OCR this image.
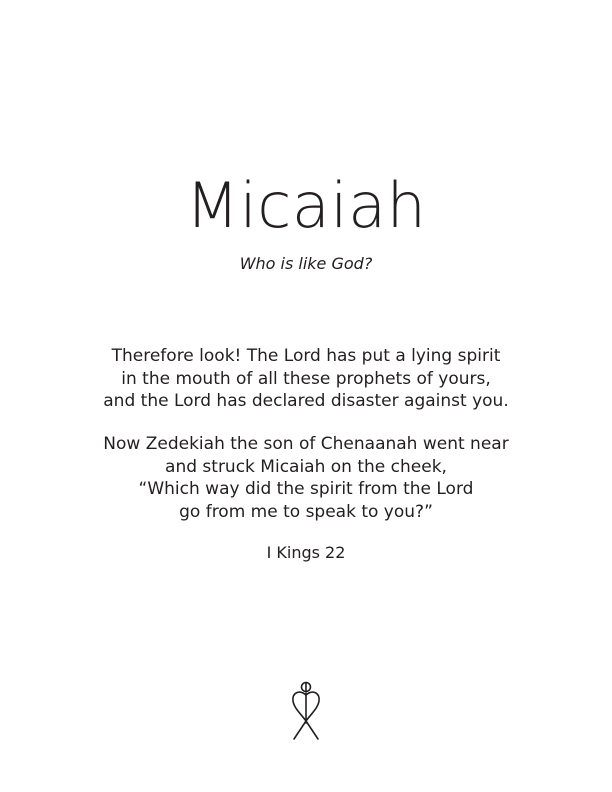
Micaiah

Who is like God?

Therefore look! The Lord has put a lying spirit
in the mouth of all these prophets of yours,
and the Lord has declared disaster against you.

Now Zedekiah the son of Chenaanah went near
and struck Micaiah on the cheek,
“Which way did the spirit from the Lord
go from me to speak to you?”

I Kings 22
